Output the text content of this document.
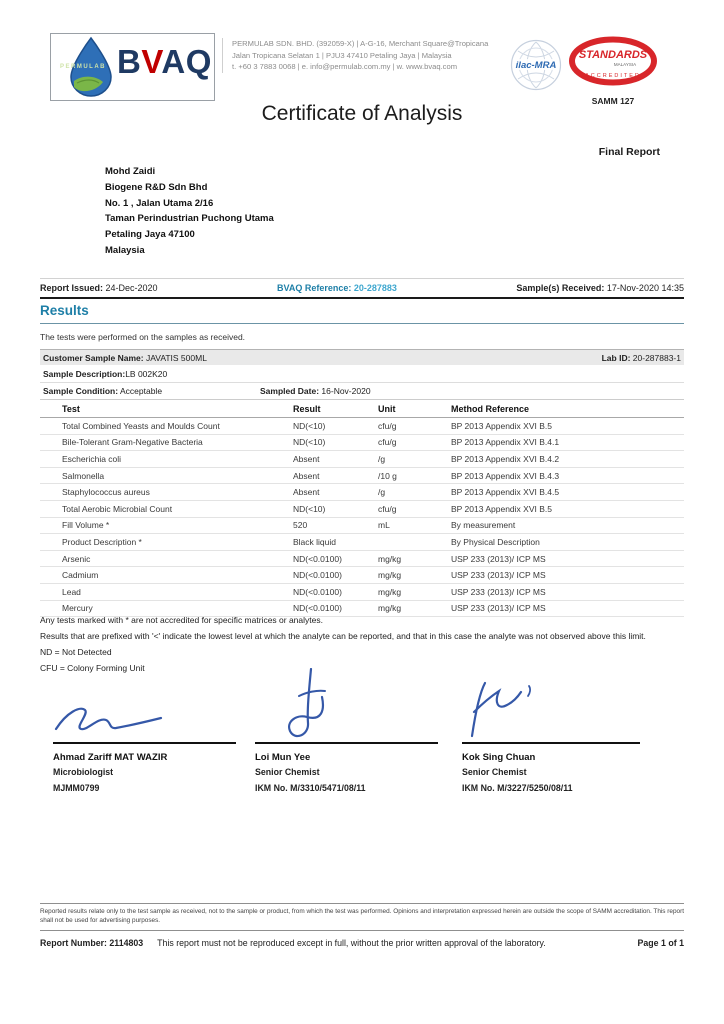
PERMULAB BVAQ	PERMULAB SDN. BHD. (392059-X) | A-G-16, Merchant Square@Tropicana
Jalan Tropicana Selatan 1 | PJU3 47410 Petaling Jaya | Malaysia
t. +60 3 7883 0068 | e. info@permulab.com.my | w. www.bvaq.com	ilac-MRA
STANDARDS
MALAYSIA
ACCREDITED
SAMM 127
Certificate of Analysis
Final Report
Mohd Zaidi
Biogene R&D Sdn Bhd
No. 1 , Jalan Utama 2/16
Taman Perindustrian Puchong Utama
Petaling Jaya 47100
Malaysia
Report Issued: 24-Dec-2020	BVAQ Reference: 20-287883	Sample(s) Received: 17-Nov-2020 14:35
Results
The tests were performed on the samples as received.
Customer Sample Name: JAVATIS 500ML	Lab ID: 20-287883-1
Sample Description: LB 002K20
Sample Condition: Acceptable	Sampled Date: 16-Nov-2020
Test	Result	Unit	Method Reference
Total Combined Yeasts and Moulds Count	ND(<10)	cfu/g	BP 2013 Appendix XVI B.5
Bile-Tolerant Gram-Negative Bacteria	ND(<10)	cfu/g	BP 2013 Appendix XVI B.4.1
Escherichia coli	Absent	/g	BP 2013 Appendix XVI B.4.2
Salmonella	Absent	/10 g	BP 2013 Appendix XVI B.4.3
Staphylococcus aureus	Absent	/g	BP 2013 Appendix XVI B.4.5
Total Aerobic Microbial Count	ND(<10)	cfu/g	BP 2013 Appendix XVI B.5
Fill Volume *	520	mL	By measurement
Product Description *	Black liquid	By Physical Description
Arsenic	ND(<0.0100)	mg/kg	USP 233 (2013)/ ICP MS
Cadmium	ND(<0.0100)	mg/kg	USP 233 (2013)/ ICP MS
Lead	ND(<0.0100)	mg/kg	USP 233 (2013)/ ICP MS
Mercury	ND(<0.0100)	mg/kg	USP 233 (2013)/ ICP MS
Any tests marked with * are not accredited for specific matrices or analytes.
Results that are prefixed with '<' indicate the lowest level at which the analyte can be reported, and that in this case the analyte was not observed above this limit.
ND = Not Detected
CFU = Colony Forming Unit
Ahmad Zariff MAT WAZIR
Microbiologist
MJMM0799
Loi Mun Yee
Senior Chemist
IKM No. M/3310/5471/08/11
Kok Sing Chuan
Senior Chemist
IKM No. M/3227/5250/08/11
Reported results relate only to the test sample as received, not to the sample or product, from which the test was performed. Opinions and interpretation expressed herein are outside the scope of SAMM accreditation. This report shall not be used for advertising purposes.
Report Number: 2114803 This report must not be reproduced except in full, without the prior written approval of the laboratory.	Page 1 of 1
